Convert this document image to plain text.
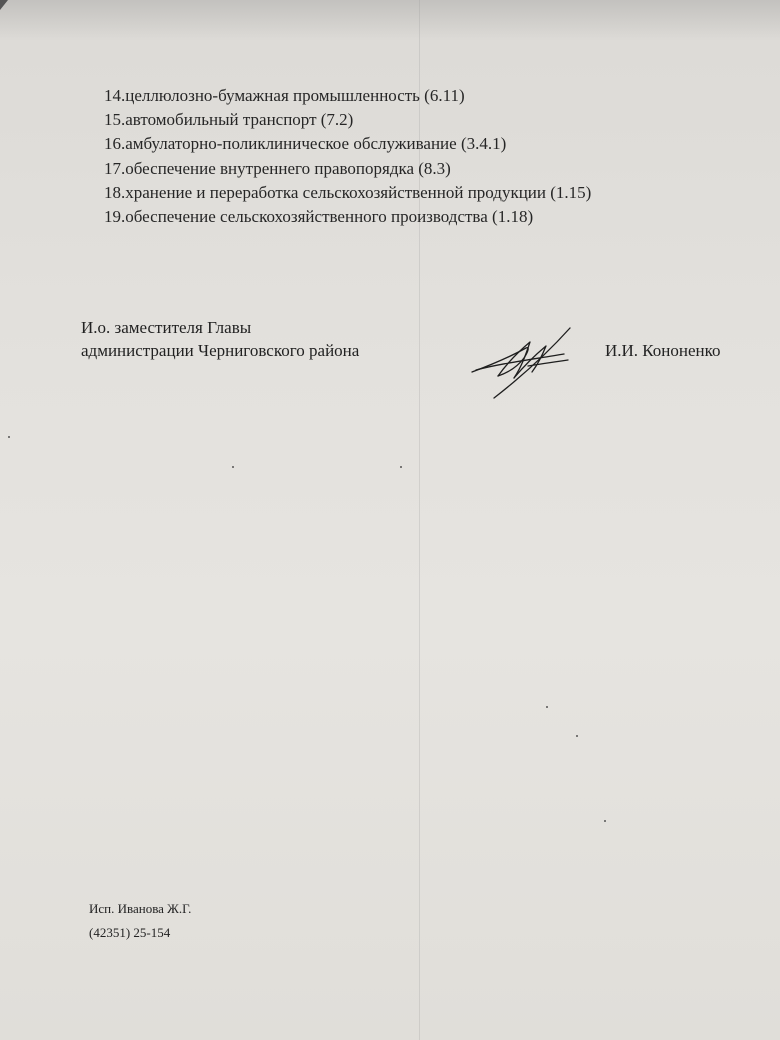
14.целлюлозно-бумажная промышленность (6.11)
15.автомобильный транспорт (7.2)
16.амбулаторно-поликлиническое обслуживание (3.4.1)
17.обеспечение внутреннего правопорядка (8.3)
18.хранение и переработка сельскохозяйственной продукции (1.15)
19.обеспечение сельскохозяйственного производства (1.18)
И.о. заместителя Главы
администрации Черниговского района	И.И. Кононенко
Исп. Иванова Ж.Г.
(42351) 25-154
